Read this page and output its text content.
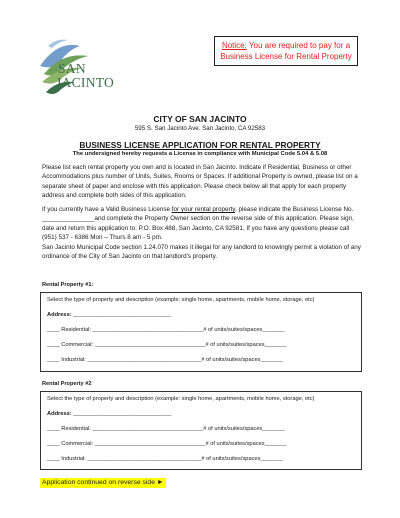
SAN
JACINTO
Notice: You are required to pay for a Business License for Rental Property
CITY OF SAN JACINTO
595 S. San Jacinto Ave. San Jacinto, CA 92583
BUSINESS LICENSE APPLICATION FOR RENTAL PROPERTY
The undersigned hereby requests a License in compliance with Municipal Code 5.04 & 5.08
Please list each rental property you own and is located in San Jacinto. Indicate if Residential, Business or other Accommodations plus number of Units, Suites, Rooms or Spaces. If additional Property is owned, please list on a separate sheet of paper and enclose with this application. Please check below all that apply for each property address and complete both sides of this application.
If you currently have a Valid Business License for your rental property, please indicate the Business License No. _______________and complete the Property Owner section on the reverse side of this application. Please sign, date and return this application to: P.O. Box 488, San Jacinto, CA 92581. If you have any questions please call (951) 537 - 6386 Mon – Thurs 8 am - 5 pm.
San Jacinto Municipal Code section 1.24.070 makes it illegal for any landlord to knowingly permit a violation of any ordinance of the City of San Jacinto on that landlord's property.
Rental Property #1:
Select the type of property and description (example: single home, apartments, mobile home, storage, etc)
Address: _______________________________
____ Residential: ___________________________________# of units/suites/spaces_______
____ Commercial: ___________________________________# of units/suites/spaces_______
____ Industrial: ____________________________________# of units/suites/spaces_______
Rental Property #2
Select the type of property and description (example: single home, apartments, mobile home, storage, etc)
Address: _______________________________
____ Residential: ___________________________________# of units/suites/spaces_______
____ Commercial: ___________________________________# of units/suites/spaces_______
____ Industrial: ____________________________________# of units/suites/spaces_______
Application continued on reverse side ►
